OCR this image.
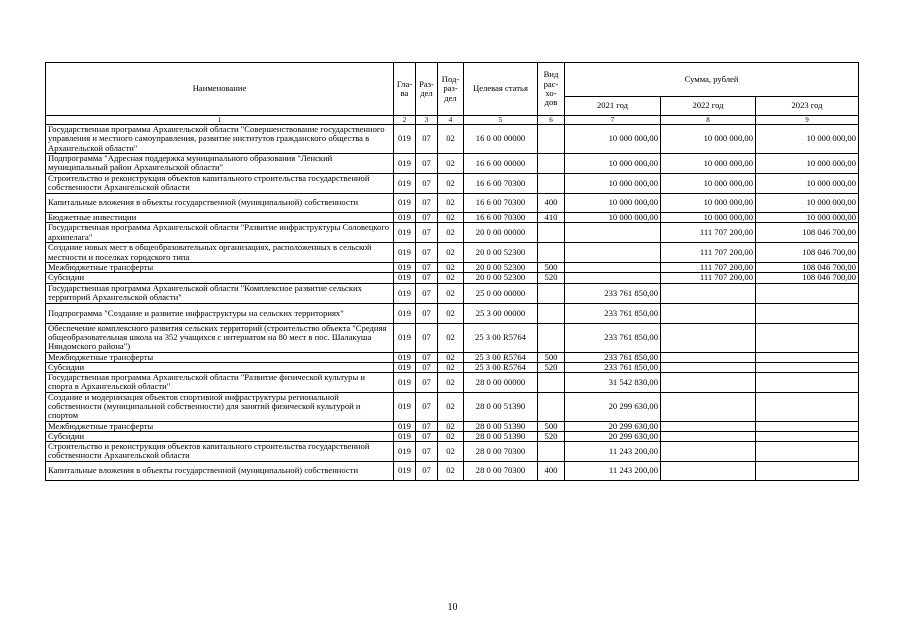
Наименование	Гла-ва	Раз-дел	Под-раз-дел	Целевая статья	Вид рас-хо-дов	Сумма, рублей		
						2021 год	2022 год	2023 год
1	2	3	4	5	6	7	8	9
Государственная программа Архангельской области "Совершенствование государственного управления и местного самоуправления, развитие институтов гражданского общества в Архангельской области"	019	07	02	16 0 00 00000		10 000 000,00	10 000 000,00	10 000 000,00
Подпрограмма "Адресная поддержка муниципального образования "Ленский муниципальный район Архангельской области"	019	07	02	16 6 00 00000		10 000 000,00	10 000 000,00	10 000 000,00
Строительство и реконструкция объектов капитального строительства государственной собственности Архангельской области	019	07	02	16 6 00 70300		10 000 000,00	10 000 000,00	10 000 000,00
Капитальные вложения в объекты государственной (муниципальной) собственности	019	07	02	16 6 00 70300	400	10 000 000,00	10 000 000,00	10 000 000,00
Бюджетные инвестиции	019	07	02	16 6 00 70300	410	10 000 000,00	10 000 000,00	10 000 000,00
Государственная программа Архангельской области "Развитие инфраструктуры Соловецкого архипелага"	019	07	02	20 0 00 00000			111 707 200,00	108 046 700,00
Создание новых мест в общеобразовательных организациях, расположенных в сельской местности и поселках городского типа	019	07	02	20 0 00 52300			111 707 200,00	108 046 700,00
Межбюджетные трансферты	019	07	02	20 0 00 52300	500		111 707 200,00	108 046 700,00
Субсидии	019	07	02	20 0 00 52300	520		111 707 200,00	108 046 700,00
Государственная программа Архангельской области "Комплексное развитие сельских территорий Архангельской области"	019	07	02	25 0 00 00000		233 761 850,00		
Подпрограмма "Создание и развитие инфраструктуры на сельских территориях"	019	07	02	25 3 00 00000		233 761 850,00		
Обеспечение комплексного развития сельских территорий (строительство объекта "Средняя общеобразовательная школа на 352 учащихся с интернатом на 80 мест в пос. Шалакуша Няндомского района")	019	07	02	25 3 00 R5764		233 761 850,00		
Межбюджетные трансферты	019	07	02	25 3 00 R5764	500	233 761 850,00		
Субсидии	019	07	02	25 3 00 R5764	520	233 761 850,00		
Государственная программа Архангельской области "Развитие физической культуры и спорта в Архангельской области"	019	07	02	28 0 00 00000		31 542 830,00		
Создание и модернизация объектов спортивной инфраструктуры региональной собственности (муниципальной собственности) для занятий физической культурой и спортом	019	07	02	28 0 00 51390		20 299 630,00		
Межбюджетные трансферты	019	07	02	28 0 00 51390	500	20 299 630,00		
Субсидии	019	07	02	28 0 00 51390	520	20 299 630,00		
Строительство и реконструкция объектов капитального строительства государственной собственности Архангельской области	019	07	02	28 0 00 70300		11 243 200,00		
Капитальные вложения в объекты государственной (муниципальной) собственности	019	07	02	28 0 00 70300	400	11 243 200,00		
10
